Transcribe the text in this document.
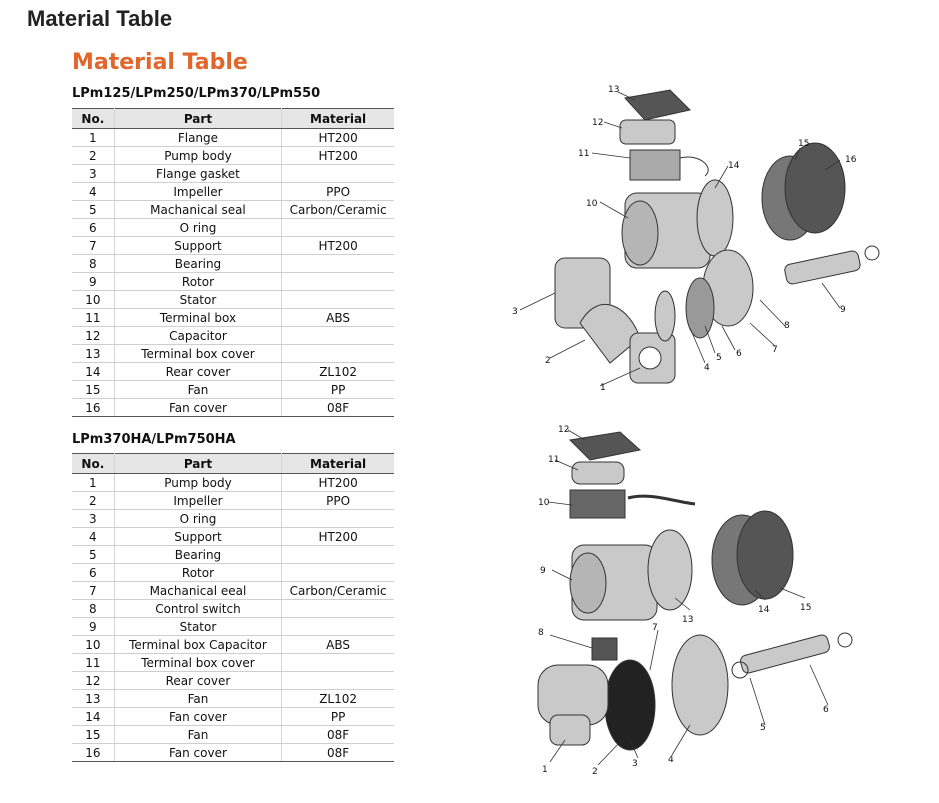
Material Table
Material Table
LPm125/LPm250/LPm370/LPm550
No.	Part	Material
1	Flange	HT200
2	Pump body	HT200
3	Flange gasket	
4	Impeller	PPO
5	Machanical seal	Carbon/Ceramic
6	O ring	
7	Support	HT200
8	Bearing	
9	Rotor	
10	Stator	
11	Terminal box	ABS
12	Capacitor	
13	Terminal box cover	
14	Rear cover	ZL102
15	Fan	PP
16	Fan cover	08F
LPm370HA/LPm750HA
No.	Part	Material
1	Pump body	HT200
2	Impeller	PPO
3	O ring	
4	Support	HT200
5	Bearing	
6	Rotor	
7	Machanical eeal	Carbon/Ceramic
8	Control switch	
9	Stator	
10	Terminal box Capacitor	ABS
11	Terminal box cover	
12	Rear cover	
13	Fan	ZL102
14	Fan cover	PP
15	Fan	08F
16	Fan cover	08F
1
2
3
4
5 6	7
8
9
10
11
12
13
14
15
16
1	2
3	4
5
6
7
8
9
10
11
12
13
14	15
